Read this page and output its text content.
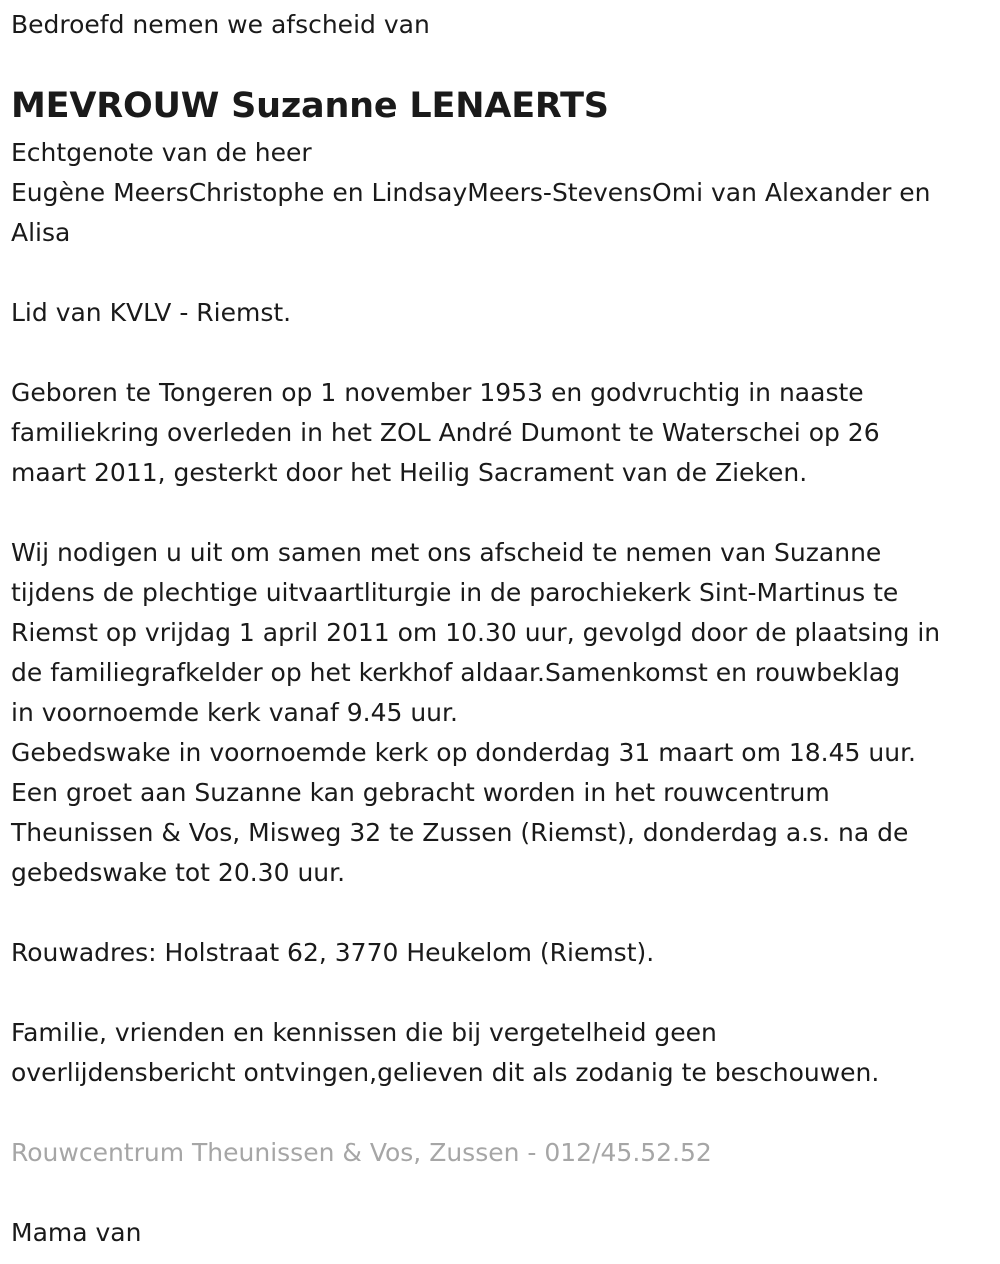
Bedroefd nemen we afscheid van

MEVROUW Suzanne LENAERTS

Echtgenote van de heer

Eugène MeersChristophe en LindsayMeers-StevensOmi van Alexander en

Alisa

Lid van KVLV - Riemst.

Geboren te Tongeren op 1 november 1953 en godvruchtig in naaste

familiekring overleden in het ZOL André Dumont te Waterschei op 26

maart 2011, gesterkt door het Heilig Sacrament van de Zieken.

Wij nodigen u uit om samen met ons afscheid te nemen van Suzanne

tijdens de plechtige uitvaartliturgie in de parochiekerk Sint-Martinus te

Riemst op vrijdag 1 april 2011 om 10.30 uur, gevolgd door de plaatsing in

de familiegrafkelder op het kerkhof aldaar.Samenkomst en rouwbeklag

in voornoemde kerk vanaf 9.45 uur.

Gebedswake in voornoemde kerk op donderdag 31 maart om 18.45 uur.

Een groet aan Suzanne kan gebracht worden in het rouwcentrum

Theunissen & Vos, Misweg 32 te Zussen (Riemst), donderdag a.s. na de

gebedswake tot 20.30 uur.

Rouwadres: Holstraat 62, 3770 Heukelom (Riemst).

Familie, vrienden en kennissen die bij vergetelheid geen

overlijdensbericht ontvingen,gelieven dit als zodanig te beschouwen.

Rouwcentrum Theunissen & Vos, Zussen - 012/45.52.52

Mama van
